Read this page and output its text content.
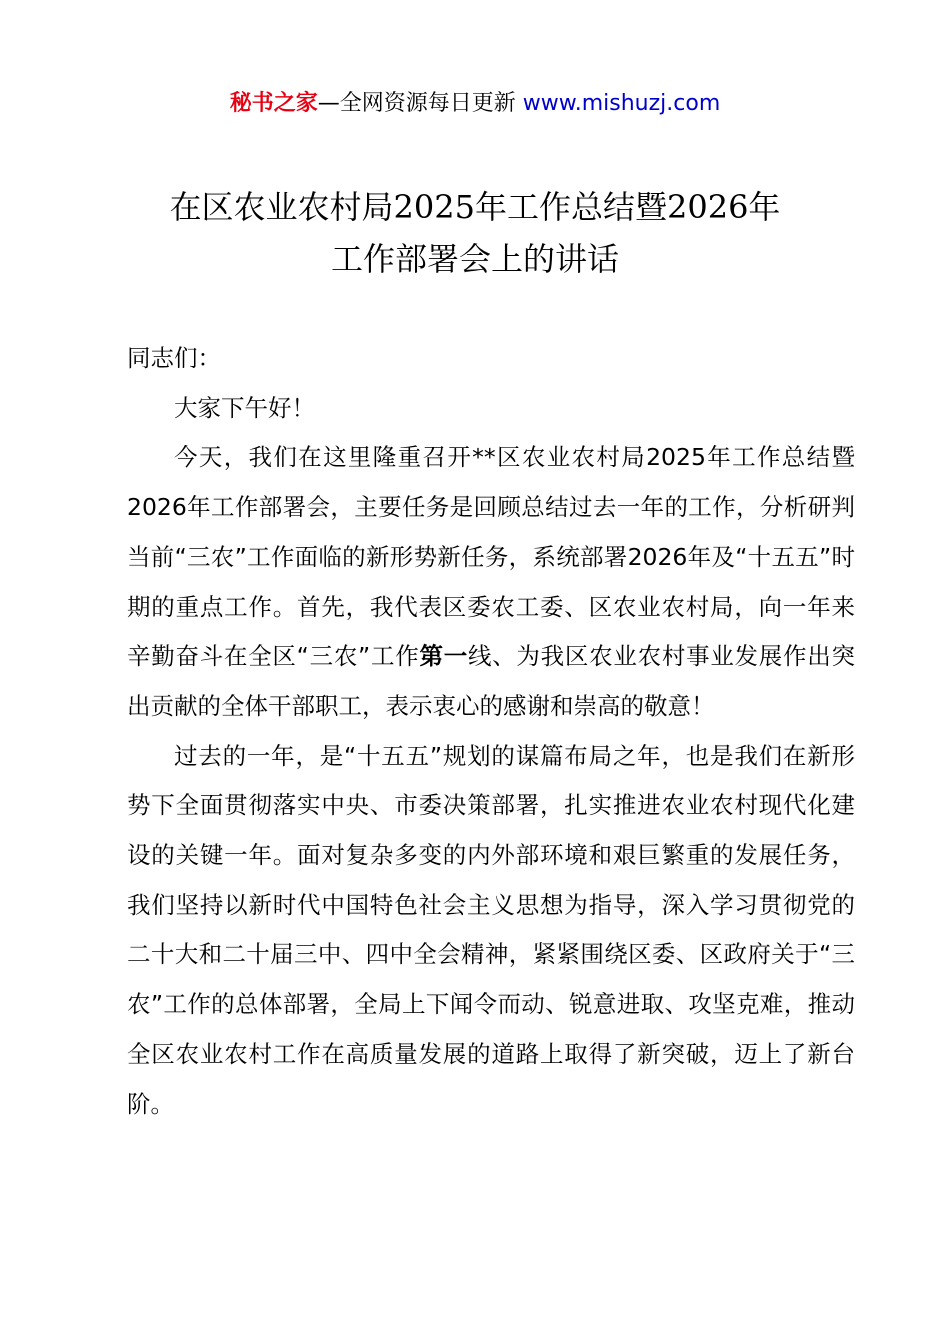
秘书之家—全网资源每日更新 www.mishuzj.com
在区农业农村局2025年工作总结暨2026年
工作部署会上的讲话

同志们：

大家下午好！

今天，我们在这里隆重召开**区农业农村局2025年工作总结暨2026年工作部署会，主要任务是回顾总结过去一年的工作，分析研判当前“三农”工作面临的新形势新任务，系统部署2026年及“十五五”时期的重点工作。首先，我代表区委农工委、区农业农村局，向一年来辛勤奋斗在全区“三农”工作第一线、为我区农业农村事业发展作出突出贡献的全体干部职工，表示衷心的感谢和崇高的敬意！

过去的一年，是“十五五”规划的谋篇布局之年，也是我们在新形势下全面贯彻落实中央、市委决策部署，扎实推进农业农村现代化建设的关键一年。面对复杂多变的内外部环境和艰巨繁重的发展任务，我们坚持以新时代中国特色社会主义思想为指导，深入学习贯彻党的二十大和二十届三中、四中全会精神，紧紧围绕区委、区政府关于“三农”工作的总体部署，全局上下闻令而动、锐意进取、攻坚克难，推动全区农业农村工作在高质量发展的道路上取得了新突破，迈上了新台阶。
